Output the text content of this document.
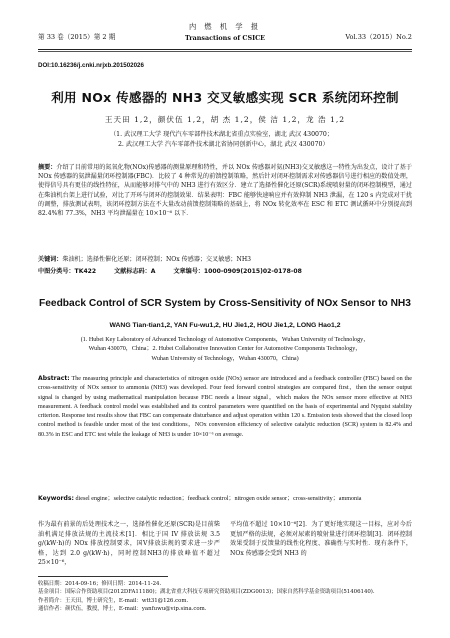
第 33 卷（2015）第 2 期
内 燃 机 学 报
Transactions of CSICE	Vol.33（2015）No.2
DOI:10.16236/j.cnki.nrjxb.201502026
利用 NOx 传感器的 NH3 交叉敏感实现 SCR 系统闭环控制
王天田 1,2，颜伏伍 1,2，胡 杰 1,2，侯 洁 1,2，龙 浩 1,2
（1. 武汉理工大学 现代汽车零部件技术湖北省重点实验室，湖北 武汉 430070；
2. 武汉理工大学 汽车零部件技术湖北省协同创新中心，湖北 武汉 430070）
摘要：介绍了目前常用的氮氧化物(NOx)传感器的测量原理和特性，并以 NOx 传感器对氨(NH3)交叉敏感这一特性为出发点，设计了基于 NOx 传感器的氨泄漏量闭环控制器(FBC)．比较了 4 种常见的前馈控制策略，然后针对闭环控制需求对传感器信号进行相应的数值处理，使得信号具有更佳的线性特征，从而能够对排气中的 NH3 进行有效区分．建立了选择性催化还原(SCR)系统喷射量的闭环控制模型，通过在柴油机台架上进行试验，对比了开环与闭环的控制效果．结果表明：FBC 能够快速响应并有效抑制 NH3 泄漏，在 120 s 内完成对干扰的调整，排放测试表明，该闭环控制方法在不大量改动前馈控制策略的基础上，将 NOx 转化效率在 ESC 和 ETC 测试循环中分别提高到 82.4%和 77.3%，NH3 平均泄漏量在 10×10⁻⁶ 以下．
关键词：柴油机；选择性催化还原；闭环控制；NOx 传感器；交叉敏感；NH3
中图分类号：TK422	文献标志码：A	文章编号：1000-0909(2015)02-0178-08
Feedback Control of SCR System by Cross-Sensitivity of NOx Sensor to NH3
WANG Tian-tian1,2, YAN Fu-wu1,2, HU Jie1,2, HOU Jie1,2, LONG Hao1,2
(1. Hubei Key Laboratory of Advanced Technology of Automotive Components，Wuhan University of Technology，
Wuhan 430070，China；2. Hubei Collaborative Innovation Center for Automotive Components Technology，
Wuhan University of Technology，Wuhan 430070，China)
Abstract: The measuring principle and characteristics of nitrogen oxide (NOx) sensor are introduced and a feedback controller (FBC) based on the cross-sensitivity of NOx sensor to ammonia (NH3) was developed. Four feed forward control strategies are compared first，then the sensor output signal is changed by using mathematical manipulation because FBC needs a linear signal，which makes the NOx sensor more effective at NH3 measurement. A feedback control model was established and its control parameters were quantified on the basis of experimental and Nyquist stability criterion. Response test results show that FBC can compensate disturbance and adjust operation within 120 s. Emission tests showed that the closed loop control method is feasible under most of the test conditions，NOx conversion efficiency of selective catalytic reduction (SCR) system is 82.4% and 80.3% in ESC and ETC test while the leakage of NH3 is under 10×10⁻⁶ on average.
Keywords: diesel engine；selective catalytic reduction；feedback control；nitrogen oxide sensor；cross-sensitivity；ammonia
作为最有前景的后处理技术之一，选择性催化还原(SCR)是目前柴油机满足排放法规的主流技术[1]．相比于国 IV 排放法规 3.5 g/(kW·h)的 NOx 排放控制要求，国Ⅴ排放法规的要求进一步严格，达到 2.0 g/(kW·h)，同时控制NH3的排放峰值不超过25×10⁻⁶，
平均值不超过 10×10⁻⁶[2]．为了更好地实现这一目标，应对今后更加严格的法规，必须对尿素的喷射量进行闭环控制[3]．闭环控制效果受制于反馈量的线性化程度、准确性与实时性．现有条件下，NOx 传感器会受到 NH3 的
收稿日期：2014-09-16；修回日期：2014-11-24.
基金项目：国际合作资助项目(2012DFA11180)；湖北省重大科技专项研究资助项目(ZDG0013)；国家自然科学基金资助项目(51406140).
作者简介：王天田，博士研究生，E-mail：wtt31@126.com.
通信作者：颜伏伍，教授，博士，E-mail：yanfuwu@vip.sina.com.
